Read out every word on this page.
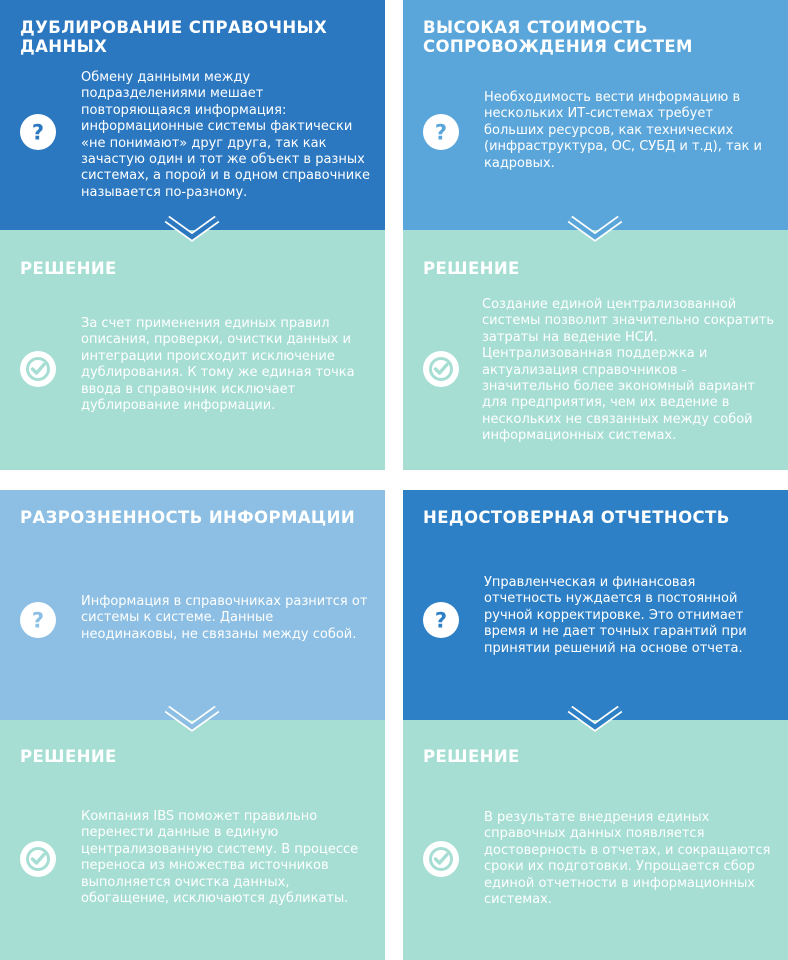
ДУБЛИРОВАНИЕ СПРАВОЧНЫХ ДАННЫХ
?
Обмену данными между подразделениями мешает повторяющаяся информация: информационные системы фактически «не понимают» друг друга, так как зачастую один и тот же объект в разных системах, а порой и в одном справочнике называется по-разному.
РЕШЕНИЕ
За счет применения единых правил описания, проверки, очистки данных и интеграции происходит исключение дублирования. К тому же единая точка ввода в справочник исключает дублирование информации.
ВЫСОКАЯ СТОИМОСТЬ СОПРОВОЖДЕНИЯ СИСТЕМ
?
Необходимость вести информацию в нескольких ИТ-системах требует больших ресурсов, как технических (инфраструктура, ОС, СУБД и т.д), так и кадровых.
РЕШЕНИЕ
Создание единой централизованной системы позволит значительно сократить затраты на ведение НСИ. Централизованная поддержка и актуализация справочников - значительно более экономный вариант для предприятия, чем их ведение в нескольких не связанных между собой информационных системах.
РАЗРОЗНЕННОСТЬ ИНФОРМАЦИИ
?
Информация в справочниках разнится от системы к системе. Данные неодинаковы, не связаны между собой.
РЕШЕНИЕ
Компания IBS поможет правильно перенести данные в единую централизованную систему. В процессе переноса из множества источников выполняется очистка данных, обогащение, исключаются дубликаты.
НЕДОСТОВЕРНАЯ ОТЧЕТНОСТЬ
?
Управленческая и финансовая отчетность нуждается в постоянной ручной корректировке. Это отнимает время и не дает точных гарантий при принятии решений на основе отчета.
РЕШЕНИЕ
В результате внедрения единых справочных данных появляется достоверность в отчетах, и сокращаются сроки их подготовки. Упрощается сбор единой отчетности в информационных системах.
